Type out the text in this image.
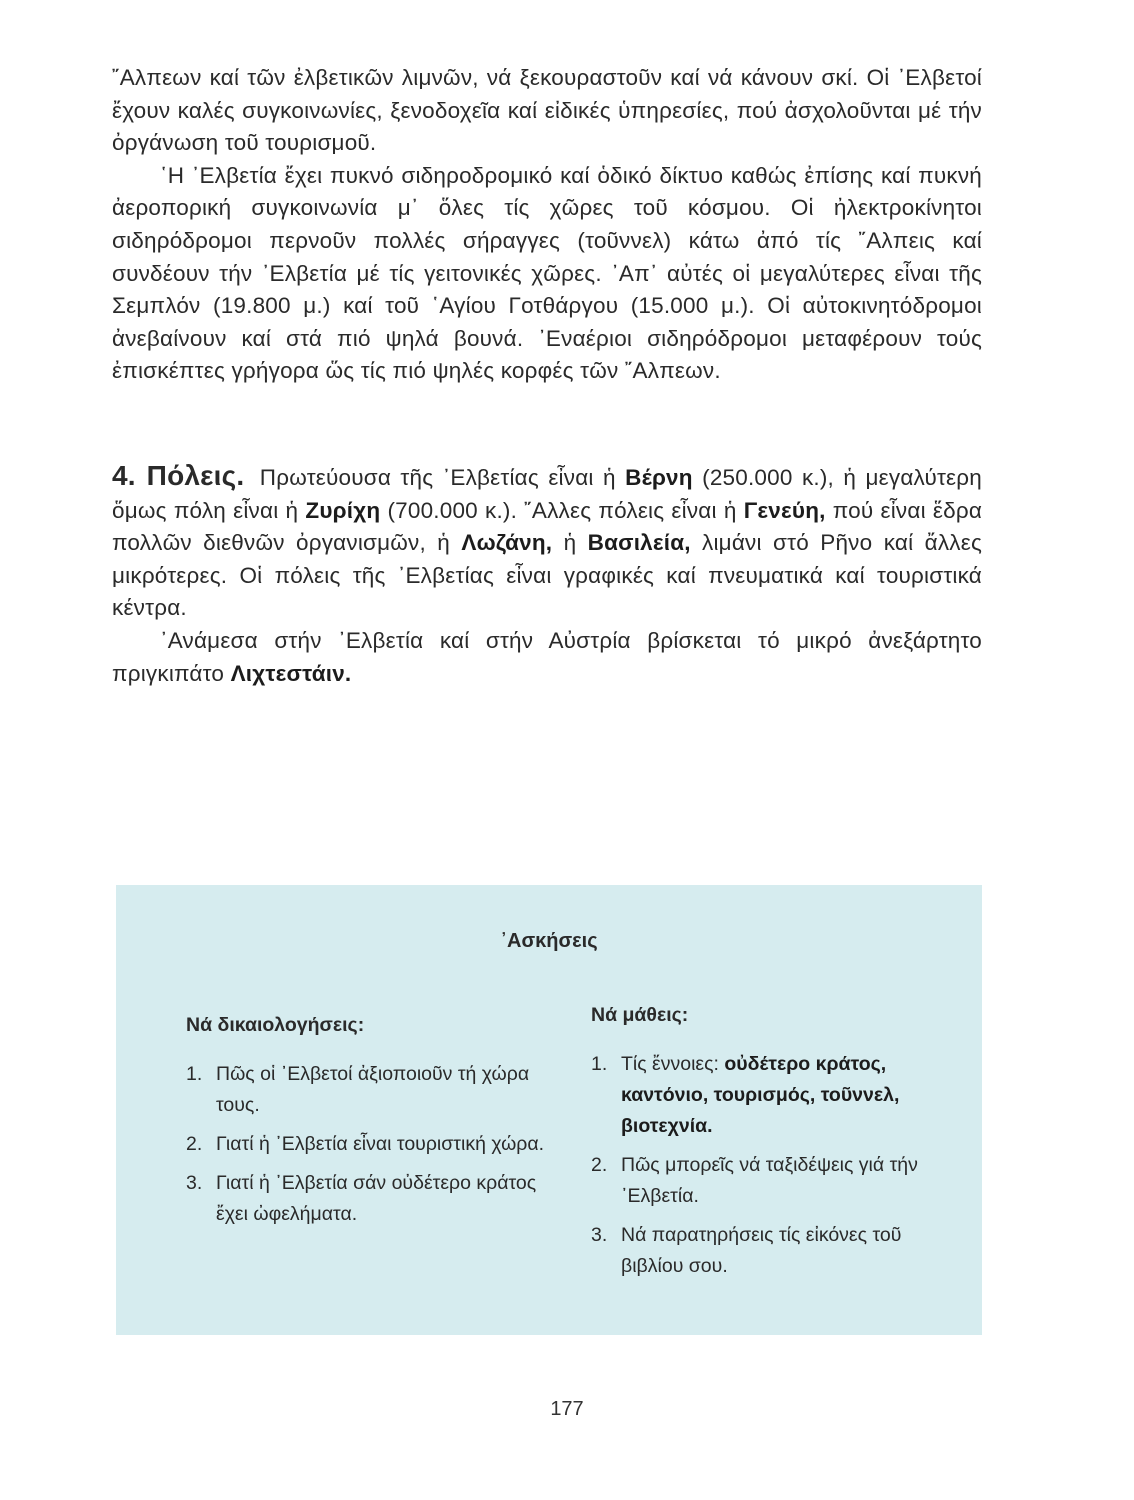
῎Αλπεων καί τῶν ἐλβετικῶν λιμνῶν, νά ξεκουραστοῦν καί νά κάνουν σκί. Οἱ ᾿Ελβετοί ἔχουν καλές συγκοινωνίες, ξενοδοχεῖα καί εἰδικές ὑπηρεσίες, πού ἀσχολοῦνται μέ τήν ὀργάνωση τοῦ τουρισμοῦ.

῾Η ᾿Ελβετία ἔχει πυκνό σιδηροδρομικό καί ὁδικό δίκτυο καθώς ἐπίσης καί πυκνή ἀεροπορική συγκοινωνία μ᾿ ὅλες τίς χῶρες τοῦ κόσμου. Οἱ ἠλεκτροκίνητοι σιδηρόδρομοι περνοῦν πολλές σήραγγες (τοῦννελ) κάτω ἀπό τίς ῎Αλπεις καί συνδέουν τήν ᾿Ελβετία μέ τίς γειτονικές χῶρες. ᾿Απ᾿ αὐτές οἱ μεγαλύτερες εἶναι τῆς Σεμπλόν (19.800 μ.) καί τοῦ ῾Αγίου Γοτθάργου (15.000 μ.). Οἱ αὐτοκινητόδρομοι ἀνεβαίνουν καί στά πιό ψηλά βουνά. ᾿Εναέριοι σιδηρόδρομοι μεταφέρουν τούς ἐπισκέπτες γρήγορα ὥς τίς πιό ψηλές κορφές τῶν ῎Αλπεων.

4. Πόλεις. Πρωτεύουσα τῆς ᾿Ελβετίας εἶναι ἡ Βέρνη (250.000 κ.), ἡ μεγαλύτερη ὅμως πόλη εἶναι ἡ Ζυρίχη (700.000 κ.). ῎Αλλες πόλεις εἶναι ἡ Γενεύη, πού εἶναι ἕδρα πολλῶν διεθνῶν ὀργανισμῶν, ἡ Λωζάνη, ἡ Βασιλεία, λιμάνι στό Ρῆνο καί ἄλλες μικρότερες. Οἱ πόλεις τῆς ᾿Ελβετίας εἶναι γραφικές καί πνευματικά καί τουριστικά κέντρα.

᾿Ανάμεσα στήν ᾿Ελβετία καί στήν Αὐστρία βρίσκεται τό μικρό ἀνεξάρτητο πριγκιπάτο Λιχτεστάιν.

᾿Ασκήσεις
Νά δικαιολογήσεις:
1. Πῶς οἱ ᾿Ελβετοί ἀξιοποιοῦν τή χώρα τους.
2. Γιατί ἡ ᾿Ελβετία εἶναι τουριστική χώρα.
3. Γιατί ἡ ᾿Ελβετία σάν οὐδέτερο κράτος ἔχει ὠφελήματα.
Νά μάθεις:
1. Τίς ἔννοιες: οὐδέτερο κράτος, καντόνιο, τουρισμός, τοῦννελ, βιοτεχνία.
2. Πῶς μπορεῖς νά ταξιδέψεις γιά τήν ᾿Ελβετία.
3. Νά παρατηρήσεις τίς εἰκόνες τοῦ βιβλίου σου.
177
